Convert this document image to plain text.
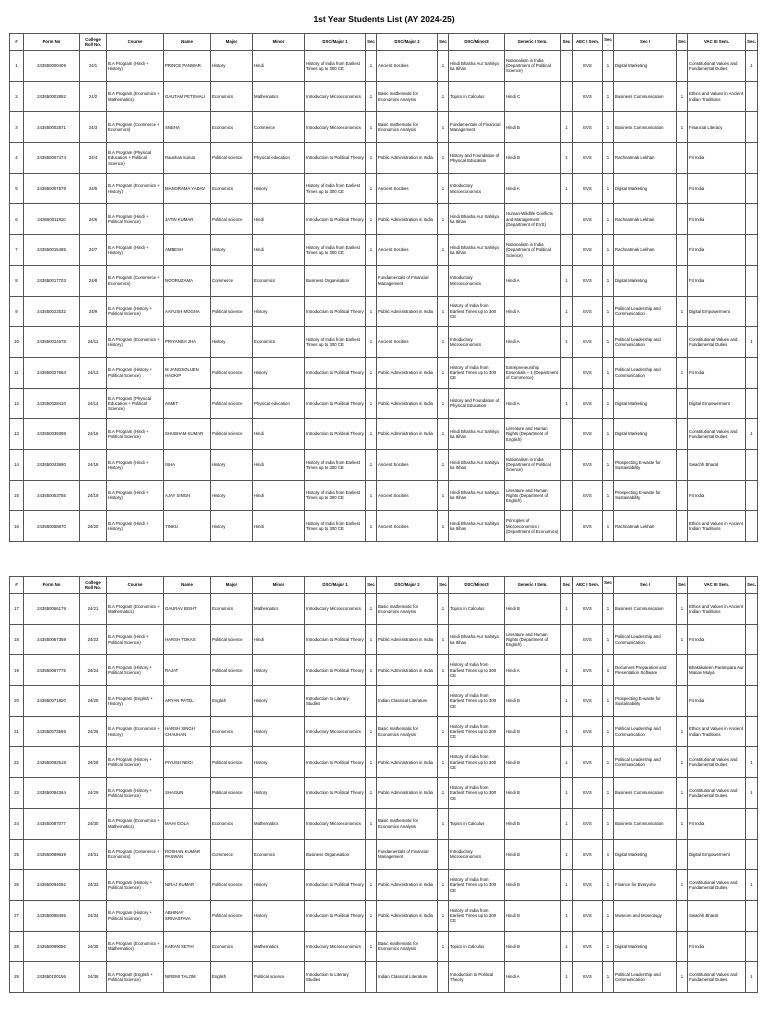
1st Year Students List (AY 2024-25)
#	Form No	College Roll No.	Course	Name	Major	Minor	DSC/Major 1	Sec	DSC/Major 2	Sec	DSC/Minor3	Generic I Sem.	Sec	AEC I Sem.	Sec.	Sec I	Sec	VAC III Sem.	Sec.
1	243550000409	24/1	B.A Program (Hindi + History)	PRINCE PANWAR	History	Hindi	History of India from Earliest Times up to 300 CE	1	Ancient Socities	1	Hindi Bhasha Aur Sahitya ka Itihas	Nationalism in India (Department of Political Science)		EVS	1	Digital Marketing		Constitutional Values and Fundamental Duties	1
2	243550002852	24/2	B.A Program (Economics + Mathematics)	GAUTAM PETSHALI	Economics	Mathematics	Introductory Microeconomics	1	Basic mathematic for Economics Analysis	1	Topics in Calculus	Hindi C		EVS	1	Business Communication	1	Ethics and Values in Ancient Indian Traditions	
3	243550002871	24/3	B.A Program (Commerce + Economics)	SNEHA	Economics	Commerce	Introductory Microeconomics	1	Basic mathematic for Economics Analysis	1	Fundamentals of Financial Management	Hindi B	1	EVS	1	Business Communication	1	Financial Literacy	
4	243550007474	24/4	B.A Program (Physical Education + Political Science)	Raushan kumar	Political science	Physical education	Introduction to Political Theory	1	Public Administration in India	1	History and Foundation of Physical Education	Hindi B	1	EVS	1	Rachnatmak Lekhan		Fit India	
5	243550007579	24/5	B.A Program (Economics + History)	MANORAMA YADAV	Economics	History	History of India from Earliest Times up to 300 CE	1	Ancient Socities	1	Introductory Microeconomics	Hindi A	1	EVS	1	Digital Marketing		Fit India	
6	243550011810	24/6	B.A Program (Hindi + Political Science)	JATIN KUMAR	Political science	Hindi	Introduction to Political Theory	1	Public Administration in India	1	Hindi Bhasha Aur Sahitya ka Itihas	Human-Wildlife Conflicts and Management (Department of EVS)		EVS	1	Rachnatmak Lekhan		Fit India	
7	243550015485	24/7	B.A Program (Hindi + History)	AMBESH	History	Hindi	History of India from Earliest Times up to 300 CE	1	Ancient Socities	1	Hindi Bhasha Aur Sahitya ka Itihas	Nationalism in India (Department of Political Science)		EVS	1	Rachnatmak Lekhan		Fit India	
8	243550017703	24/8	B.A Program (Commerce + Economics)	NOORUZAMA	Commerce	Economics	Business Organisation		Fundamentals of Financial Management		Introductory Microeconomics	Hindi A	1	EVS	1	Digital Marketing		Fit India	
9	243550022532	24/9	B.A Program (History + Political Science)	AAYUSH MOGHA	Political science	History	Introduction to Political Theory	1	Public Administration in India	1	History of India from Earliest Times up to 300 CE	Hindi A	1	EVS	1	Political Leadership and Communication	1	Digital Empowerment	
10	243550024678	24/11	B.A Program (Economics + History)	PRIYANSH JHA	History	Economics	History of India from Earliest Times up to 300 CE	1	Ancient Socities	1	Introductory Microeconomics	Hindi A	1	EVS	1	Political Leadership and Communication		Constitutional Values and Fundamental Duties	1
11	243550027684	24/13	B.A Program (History + Political Science)	M JANGSOLUEN HAOKIP	Political science	History	Introduction to Political Theory	1	Public Administration in India	1	History of India from Earliest Times up to 300 CE	Entrepreneurship Essentials – 1 (Department of Commerce)		EVS	1	Political Leadership and Communication	1	Fit India	
12	243550028410	24/14	B.A Program (Physical Education + Political Science)	ASMIT	Political science	Physical education	Introduction to Political Theory	1	Public Administration in India	1	History and Foundation of Physical Education	Hindi A	1	EVS	1	Digital Marketing		Digital Empowerment	
13	243550039398	24/16	B.A Program (Hindi + Political Science)	SHUBHAM KUMAR	Political science	Hindi	Introduction to Political Theory	1	Public Administration in India	1	Hindi Bhasha Aur Sahitya ka Itihas	Literature and Human Rights (Department of English)		EVS	1	Digital Marketing		Constitutional Values and Fundamental Duties	1
14	243550043690	24/18	B.A Program (Hindi + History)	ISHA	History	Hindi	History of India from Earliest Times up to 300 CE	1	Ancient Socities	1	Hindi Bhasha Aur Sahitya ka Itihas	Nationalism in India (Department of Political Science)		EVS	1	Prospecting E-waste for Sustainability		Swachh Bharat	
15	243550053755	24/19	B.A Program (Hindi + History)	AJAY SINGH	History	Hindi	History of India from Earliest Times up to 300 CE	1	Ancient Socities	1	Hindi Bhasha Aur Sahitya ka Itihas	Literature and Human Rights (Department of English)		EVS	1	Prospecting E-waste for Sustainability		Fit India	
16	243550058870	24/20	B.A Program (Hindi + History)	TINKU	History	Hindi	History of India from Earliest Times up to 300 CE	1	Ancient Socities	1	Hindi Bhasha Aur Sahitya ka Itihas	Principles of Microeconomics I (Department of Economics)		EVS	1	Rachnatmak Lekhan		Ethics and Values in Ancient Indian Traditions	
#	Form No	College Roll No.	Course	Name	Major	Minor	DSC/Major 1	Sec	DSC/Major 2	Sec	DSC/Minor3	Generic I Sem.	Sec	AEC I Sem.	Sec.	Sec I	Sec	VAC III Sem.	Sec.
17	243550066179	24/21	B.A Program (Economics + Mathematics)	GAURAV BISHT	Economics	Mathematics	Introductory Microeconomics	1	Basic mathematic for Economics Analysis	1	Topics in Calculus	Hindi B	1	EVS	1	Business Communication	1	Ethics and Values in Ancient Indian Traditions	
18	243550067359	24/23	B.A Program (Hindi + Political Science)	HARSH TOKAS	Political science	Hindi	Introduction to Political Theory	1	Public Administration in India	1	Hindi Bhasha Aur Sahitya ka Itihas	Literature and Human Rights (Department of English)		EVS	1	Political Leadership and Communication	1	Fit India	
19	243550067775	24/24	B.A Program (History + Political Science)	RAJAT	Political science	History	Introduction to Political Theory	1	Public Administration in India	1	History of India from Earliest Times up to 300 CE	Hindi A	1	EVS	1	Document Preparation and Presentation Software		Bhaktikaleen Parampara Aur Manav Mulya	
20	243550071820	24/25	B.A Program (English + History)	ARYAN PATEL	English	History	Introduction to Literary Studies		Indian Classical Literature		History of India from Earliest Times up to 300 CE	Hindi B	1	EVS	1	Prospecting E-waste for Sustainability		Fit India	
21	243550073559	24/26	B.A Program (Economics + History)	HARSH SINGH CHAUHAN	Economics	History	Introductory Microeconomics	1	Basic mathematic for Economics Analysis	1	History of India from Earliest Times up to 300 CE	Hindi B	1	EVS	1	Political Leadership and Communication	1	Ethics and Values in Ancient Indian Traditions	
22	243550082518	24/28	B.A Program (History + Political Science)	PIYUSH NEGI	Political science	History	Introduction to Political Theory	1	Public Administration in India	1	History of India from Earliest Times up to 300 CE	Hindi B	1	EVS	1	Political Leadership and Communication	1	Constitutional Values and Fundamental Duties	1
23	243550084364	24/29	B.A Program (History + Political Science)	SHAGUN	Political science	History	Introduction to Political Theory	1	Public Administration in India	1	History of India from Earliest Times up to 300 CE	Hindi B	1	EVS	1	Business Communication	1	Constitutional Values and Fundamental Duties	1
24	243550087077	24/30	B.A Program (Economics + Mathematics)	MAHI GOLA	Economics	Mathematics	Introductory Microeconomics	1	Basic mathematic for Economics Analysis	1	Topics in Calculus	Hindi B	1	EVS	1	Business Communication	1	Fit India	
25	243550089619	24/31	B.A Program (Commerce + Economics)	ROSHAN KUMAR PASWAN	Commerce	Economics	Business Organisation		Fundamentals of Financial Management		Introductory Microeconomics	Hindi B	1	EVS	1	Digital Marketing		Digital Empowerment	
26	243550094092	24/33	B.A Program (History + Political Science)	NIRAJ KUMAR	Political science	History	Introduction to Political Theory	1	Public Administration in India	1	History of India from Earliest Times up to 300 CE	Hindi B	1	EVS	1	Finance for Everyone	1	Constitutional Values and Fundamental Duties	1
27	243550098455	24/34	B.A Program (History + Political Science)	ABHINAY SRIVASTAVA	Political science	History	Introduction to Political Theory	1	Public Administration in India	1	History of India from Earliest Times up to 300 CE	Hindi B	1	EVS	1	Museum and Museology		Swachh Bharat	
28	243550099056	24/35	B.A Program (Economics + Mathematics)	KARAN SETHI	Economics	Mathematics	Introductory Microeconomics	1	Basic mathematic for Economics Analysis	1	Topics in Calculus	Hindi B	1	EVS	1	Digital Marketing		Fit India	
29	243550100156	24/36	B.A Program (English + Political Science)	NIREMI TALOM	English	Political science	Introduction to Literary Studies		Indian Classical Literature		Introduction to Political Theory	Hindi A	1	EVS	1	Political Leadership and Communication	1	Constitutional Values and Fundamental Duties	1
